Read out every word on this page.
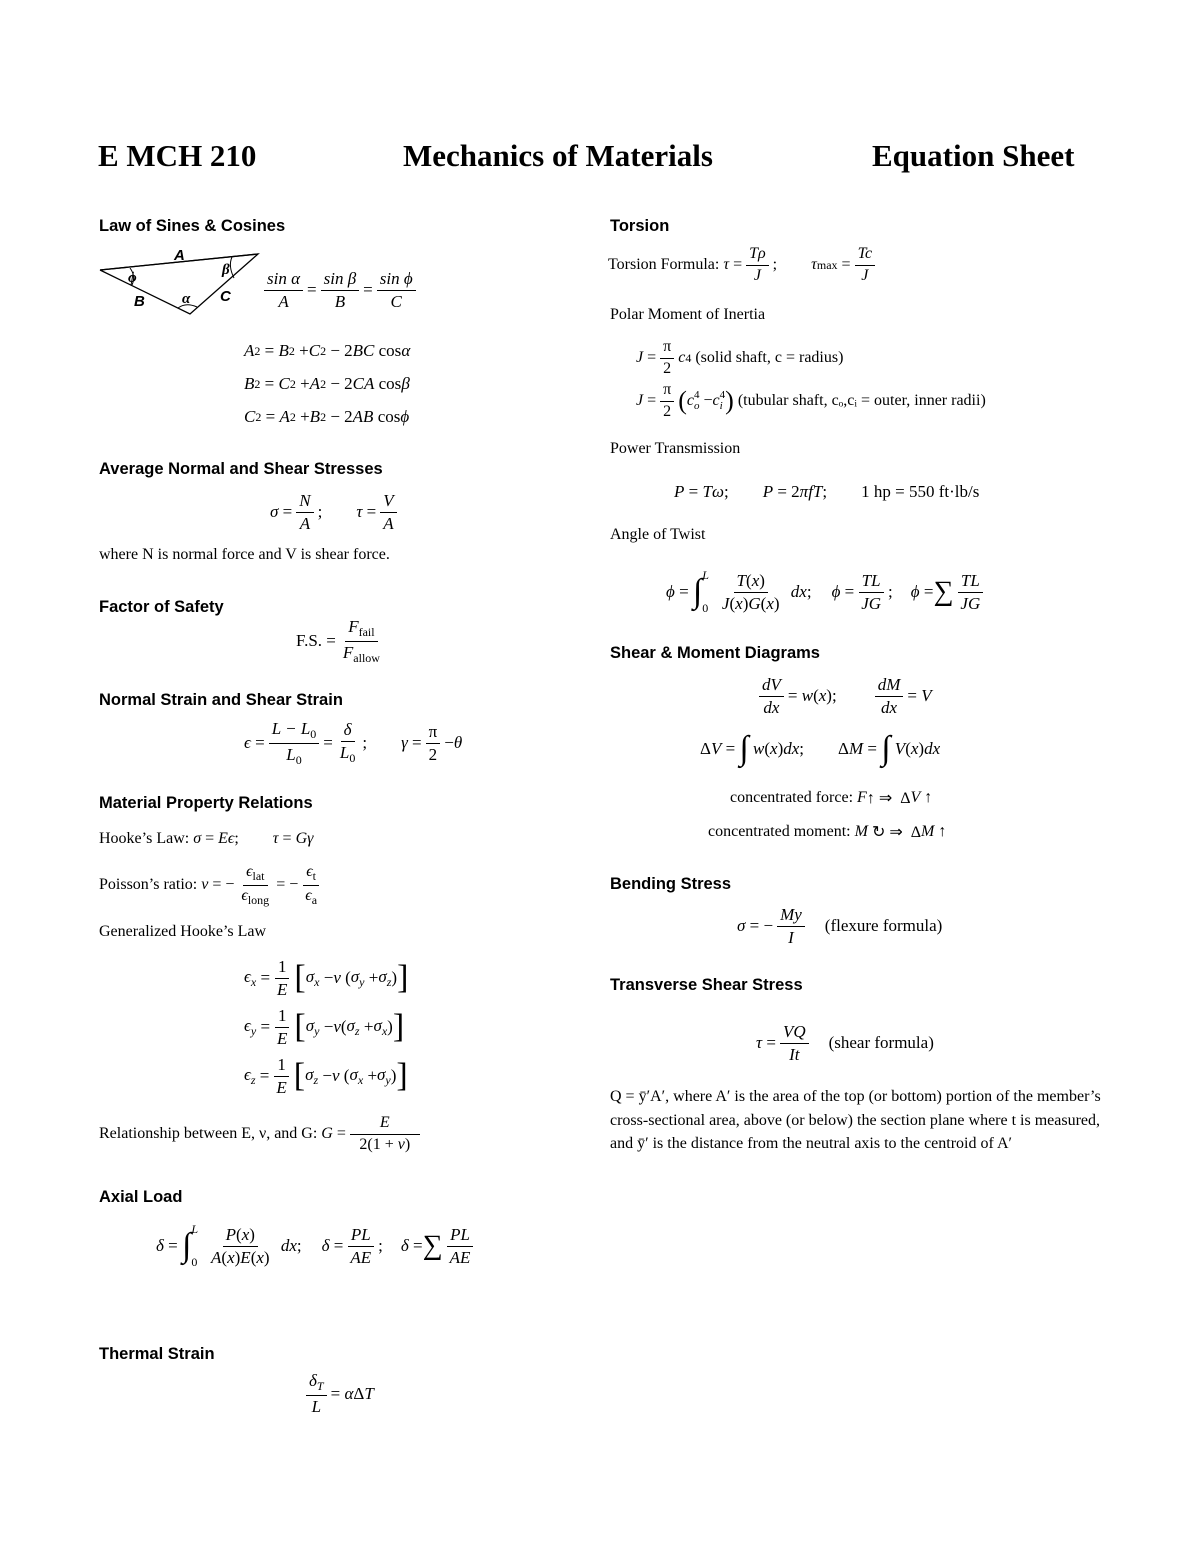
E MCH 210	Mechanics of Materials	Equation Sheet
Law of Sines & Cosines
A
B	C
α
β
ϕ	$\frac{\text{sin α}}{A} = \frac{\text{sin β}}{B} = \frac{\text{sin ϕ}}{C}$
A 2 = B 2 + C 2 − 2 BC cos α
B 2 = C 2 + A 2 − 2 CA cos β
C 2 = A 2 + B 2 − 2 AB cos ϕ
Average Normal and Shear Stresses
$\sigma = \frac{N}{A}$ ; $\tau = \frac{V}{A}$
where N is normal force and V is shear force.
Factor of Safety
F.S. = $\frac{F_{fail}}{F_{allow}}$
Normal Strain and Shear Strain
$\epsilon = \frac{L - L_0}{L_0} = \frac{\delta}{L_0}$ ; $\gamma = \frac{\pi}{2} - \theta$
Material Property Relations
Hooke’s Law:
σ = Eϵ ; τ = Gγ
Poisson’s ratio:
ν = − $\frac{\epsilon_{lat}}{\epsilon_{long}}$ = − $\frac{\epsilon_t}{\epsilon_a}$
Generalized Hooke’s Law
$\epsilon_x = \frac{1}{E}$ [ $\sigma_x - \nu$ ( $\sigma_y + \sigma_z$ ) ]
$\epsilon_y = \frac{1}{E}$ [ $\sigma_y - \nu$ ( $\sigma_z + \sigma_x$ ) ]
$\epsilon_z = \frac{1}{E}$ [ $\sigma_z - \nu$ ( $\sigma_x + \sigma_y$ ) ]
Relationship between E, ν, and G:
$G = \frac{E}{2(1 + \nu)}$
Axial Load
δ = ∫ L
$0 \frac{P(x)}{A(x)E(x)}$
dx ; $\delta = \frac{PL}{AE}$ ; δ = ∑ $\frac{PL}{AE}$
Thermal Strain
$\frac{\delta_T}{L} = \alpha$ Δ T
Torsion
Torsion Formula:
$\tau = \frac{T\rho}{J}$ ; τ $\max = \frac{Tc}{J}$
Polar Moment of Inertia
$J = \frac{\pi}{2}$ c 4
(solid shaft, c = radius)
$J = \frac{\pi}{2}$ ( c 4
o − c 4
i )
(tubular shaft, cₒ,cᵢ = outer, inner radii)
Power Transmission
P = Tω ; P = 2 πfT ; 1 hp = 550 ft·lb/s
Angle of Twist
ϕ = ∫ L
$0 \frac{T(x)}{J(x)G(x)}$
dx ; $\phi = \frac{TL}{JG}$ ; ϕ = ∑ $\frac{TL}{JG}$
Shear & Moment Diagrams
$\frac{dV}{dx} = w$ ( x ); $\frac{dM}{dx} = V$
Δ V = ∫
w ( x ) dx ;
Δ M = ∫
V ( x ) dx
concentrated force:
F ↑ ⇒  Δ V ↑
concentrated moment:
M ↻ ⇒  Δ M ↑
Bending Stress
σ = − $\frac{My}{I}$ (flexure formula)
Transverse Shear Stress
$\tau = \frac{VQ}{It}$ (shear formula)
Q = ȳ′A′, where A′ is the area of the top (or bottom) portion of the member’s cross-sectional area, above (or below) the section plane where t is measured, and ȳ′ is the distance from the neutral axis to the centroid of A′
